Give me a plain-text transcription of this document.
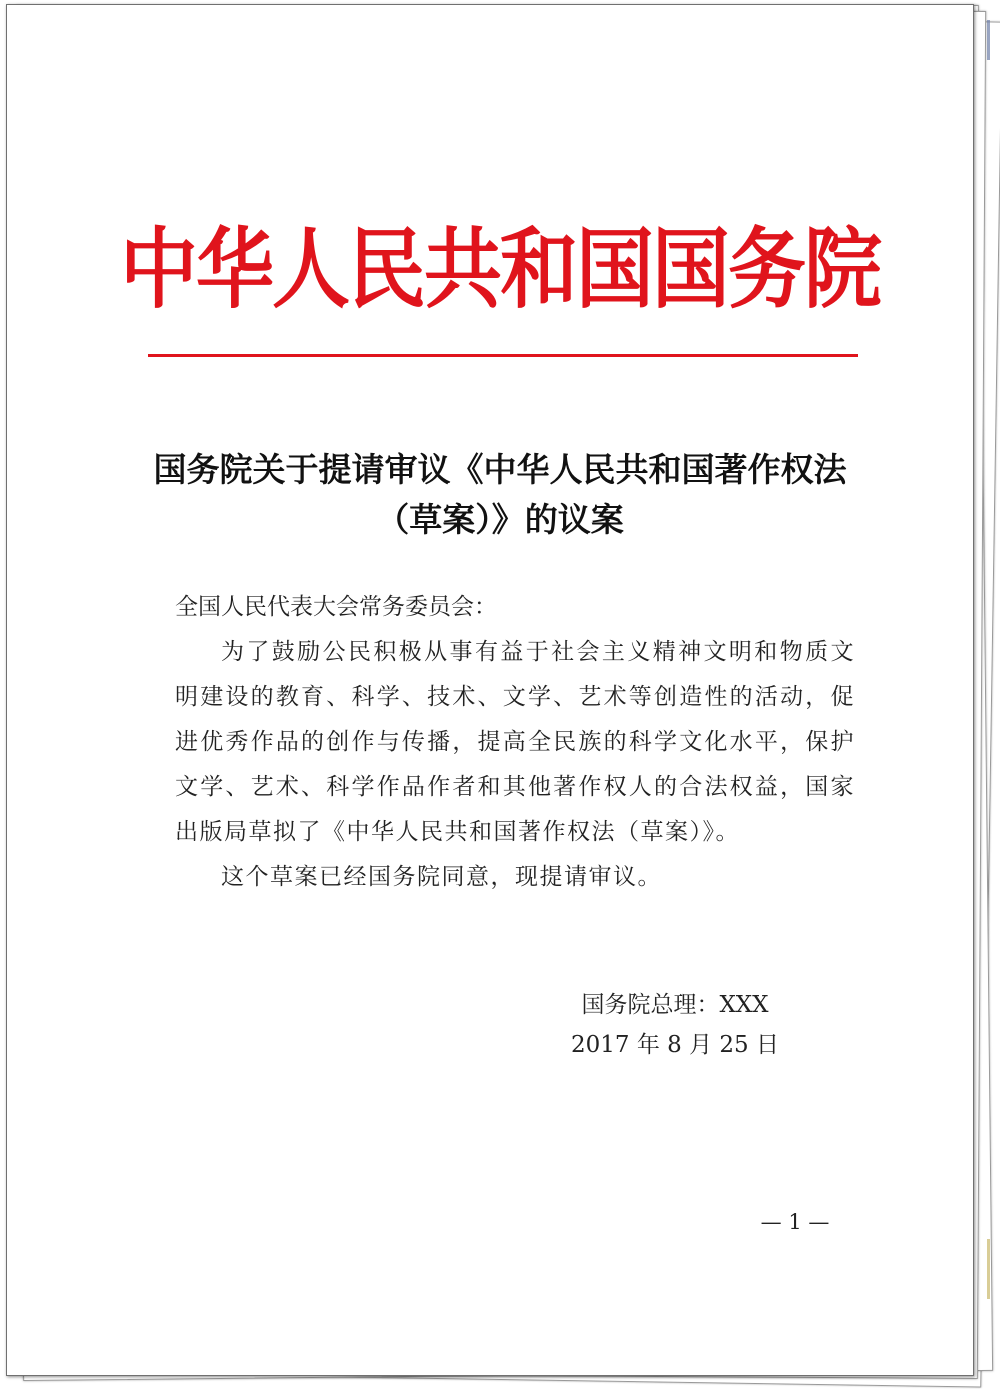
中华人民共和国国务院
国务院关于提请审议《中华人民共和国著作权法
（草案）》的议案
全国人民代表大会常务委员会：
为了鼓励公民积极从事有益于社会主义精神文明和物质文明建设的教育、科学、技术、文学、艺术等创造性的活动，促进优秀作品的创作与传播，提高全民族的科学文化水平，保护文学、艺术、科学作品作者和其他著作权人的合法权益，国家出版局草拟了《中华人民共和国著作权法（草案）》。
这个草案已经国务院同意，现提请审议。
国务院总理：XXX
2017 年 8 月 25 日
— 1 —
